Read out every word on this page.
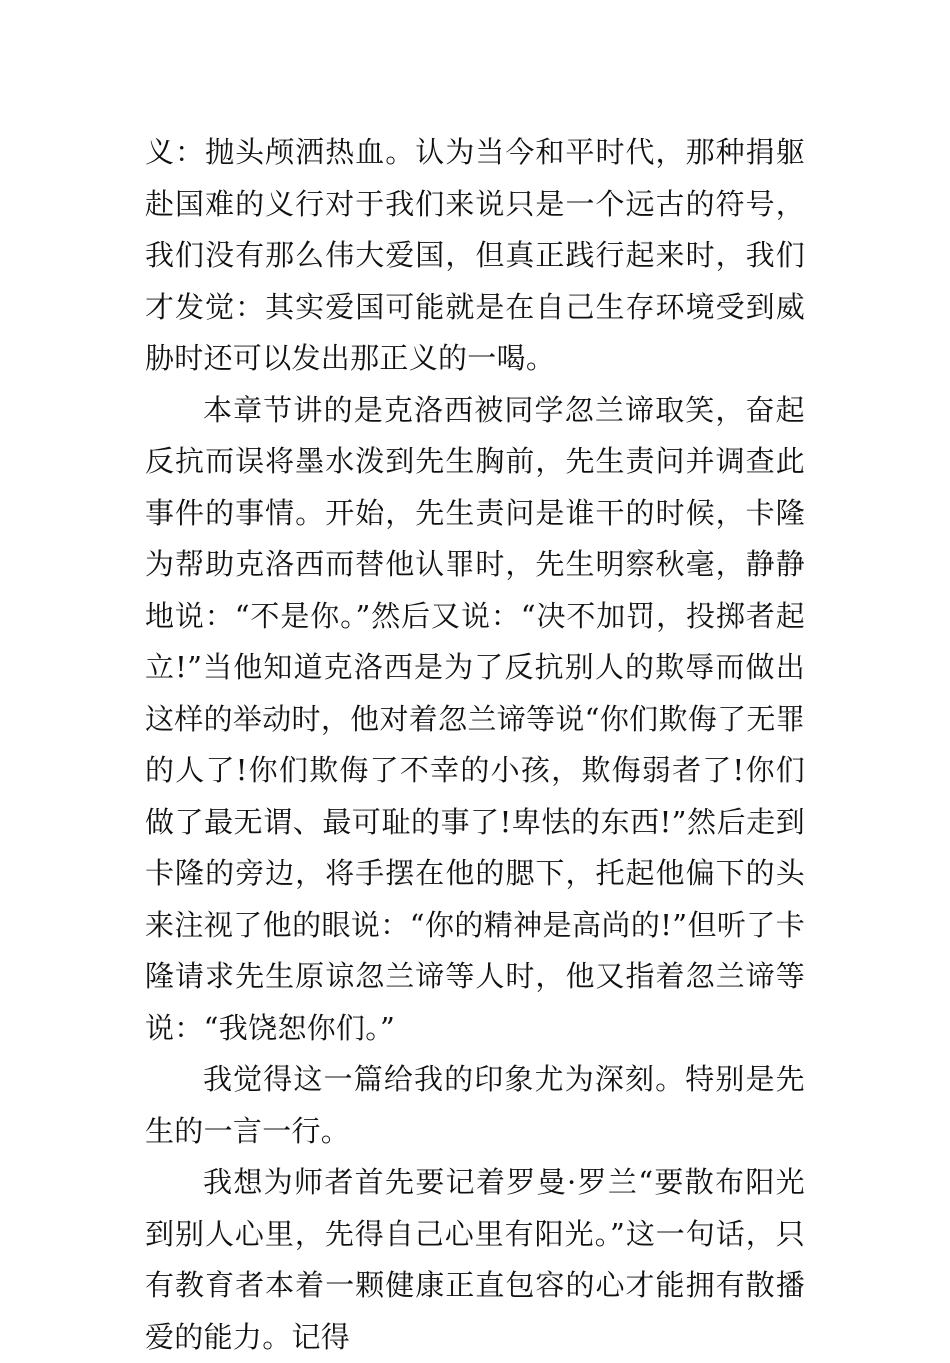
义：抛头颅洒热血。认为当今和平时代，那种捐躯赴国难的义行对于我们来说只是一个远古的符号，我们没有那么伟大爱国，但真正践行起来时，我们才发觉：其实爱国可能就是在自己生存环境受到威胁时还可以发出那正义的一喝。

本章节讲的是克洛西被同学忽兰谛取笑，奋起反抗而误将墨水泼到先生胸前，先生责问并调查此事件的事情。开始，先生责问是谁干的时候，卡隆为帮助克洛西而替他认罪时，先生明察秋毫，静静地说：“不是你。”然后又说：“决不加罚，投掷者起立!”当他知道克洛西是为了反抗别人的欺辱而做出这样的举动时，他对着忽兰谛等说“你们欺侮了无罪的人了!你们欺侮了不幸的小孩，欺侮弱者了!你们做了最无谓、最可耻的事了!卑怯的东西!”然后走到卡隆的旁边，将手摆在他的腮下，托起他偏下的头来注视了他的眼说：“你的精神是高尚的!”但听了卡隆请求先生原谅忽兰谛等人时，他又指着忽兰谛等说：“我饶恕你们。”

我觉得这一篇给我的印象尤为深刻。特别是先生的一言一行。

我想为师者首先要记着罗曼·罗兰“要散布阳光到别人心里，先得自己心里有阳光。”这一句话，只有教育者本着一颗健康正直包容的心才能拥有散播爱的能力。记得
